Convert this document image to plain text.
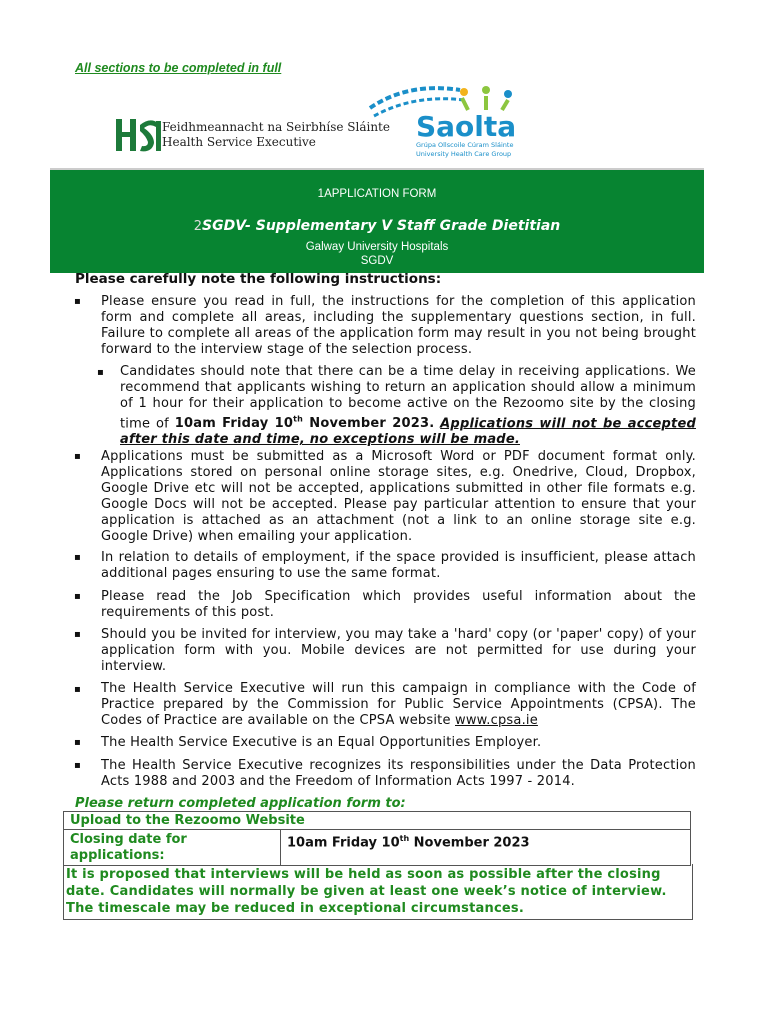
All sections to be completed in full
Feidhmeannacht na Seirbhíse Sláinte
Health Service Executive	Saolta
Grúpa Ollscoile Cúram Sláinte
University Health Care Group
1APPLICATION FORM
2SGDV- Supplementary V Staff Grade Dietitian
Galway University Hospitals
SGDV
Please carefully note the following instructions:
▪ Please ensure you read in full, the instructions for the completion of this application form and complete all areas, including the supplementary questions section, in full. Failure to complete all areas of the application form may result in you not being brought forward to the interview stage of the selection process.
▪ Candidates should note that there can be a time delay in receiving applications. We recommend that applicants wishing to return an application should allow a minimum of 1 hour for their application to become active on the Rezoomo site by the closing time of 10am Friday 10th November 2023. Applications will not be accepted after this date and time, no exceptions will be made.
▪ Applications must be submitted as a Microsoft Word or PDF document format only. Applications stored on personal online storage sites, e.g. Onedrive, Cloud, Dropbox, Google Drive etc will not be accepted, applications submitted in other file formats e.g. Google Docs will not be accepted. Please pay particular attention to ensure that your application is attached as an attachment (not a link to an online storage site e.g. Google Drive) when emailing your application.
▪ In relation to details of employment, if the space provided is insufficient, please attach additional pages ensuring to use the same format.
▪ Please read the Job Specification which provides useful information about the requirements of this post.
▪ Should you be invited for interview, you may take a 'hard' copy (or 'paper' copy) of your application form with you. Mobile devices are not permitted for use during your interview.
▪ The Health Service Executive will run this campaign in compliance with the Code of Practice prepared by the Commission for Public Service Appointments (CPSA). The Codes of Practice are available on the CPSA website www.cpsa.ie
▪ The Health Service Executive is an Equal Opportunities Employer.
▪ The Health Service Executive recognizes its responsibilities under the Data Protection Acts 1988 and 2003 and the Freedom of Information Acts 1997 - 2014.
Please return completed application form to:
Upload to the Rezoomo Website
Closing date for applications:
10am Friday 10th November 2023
It is proposed that interviews will be held as soon as possible after the closing date. Candidates will normally be given at least one week’s notice of interview. The timescale may be reduced in exceptional circumstances.
